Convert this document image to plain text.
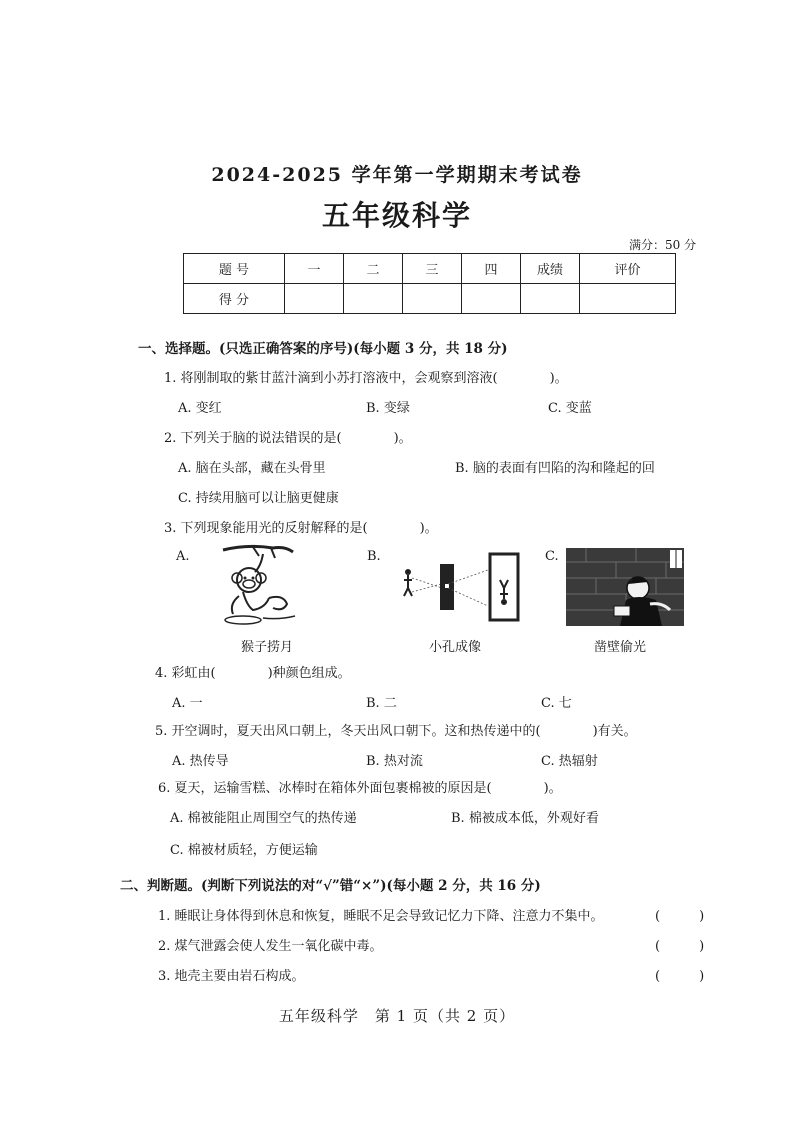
2024-2025 学年第一学期期末考试卷
五年级科学
满分：50 分
题 号	一	二	三	四	成绩	评价
得 分						
一、选择题。(只选正确答案的序号)(每小题 3 分，共 18 分)
1. 将刚制取的紫甘蓝汁滴到小苏打溶液中，会观察到溶液(　　　　)。
A. 变红	B. 变绿	C. 变蓝
2. 下列关于脑的说法错误的是(　　　　)。
A. 脑在头部，藏在头骨里	B. 脑的表面有凹陷的沟和隆起的回
C. 持续用脑可以让脑更健康
3. 下列现象能用光的反射解释的是(　　　　)。
A.	B.	C.
猴子捞月	小孔成像	凿壁偷光
4. 彩虹由(　　　　)种颜色组成。
A. 一	B. 二	C. 七
5. 开空调时，夏天出风口朝上，冬天出风口朝下。这和热传递中的(　　　　)有关。
A. 热传导	B. 热对流	C. 热辐射
6. 夏天，运输雪糕、冰棒时在箱体外面包裹棉被的原因是(　　　　)。
A. 棉被能阻止周围空气的热传递	B. 棉被成本低，外观好看
C. 棉被材质轻，方便运输
二、判断题。(判断下列说法的对“√”错“×”)(每小题 2 分，共 16 分)
1. 睡眠让身体得到休息和恢复，睡眠不足会导致记忆力下降、注意力不集中。	(　　　)
2. 煤气泄露会使人发生一氧化碳中毒。	(　　　)
3. 地壳主要由岩石构成。	(　　　)
五年级科学　第 1 页（共 2 页）
